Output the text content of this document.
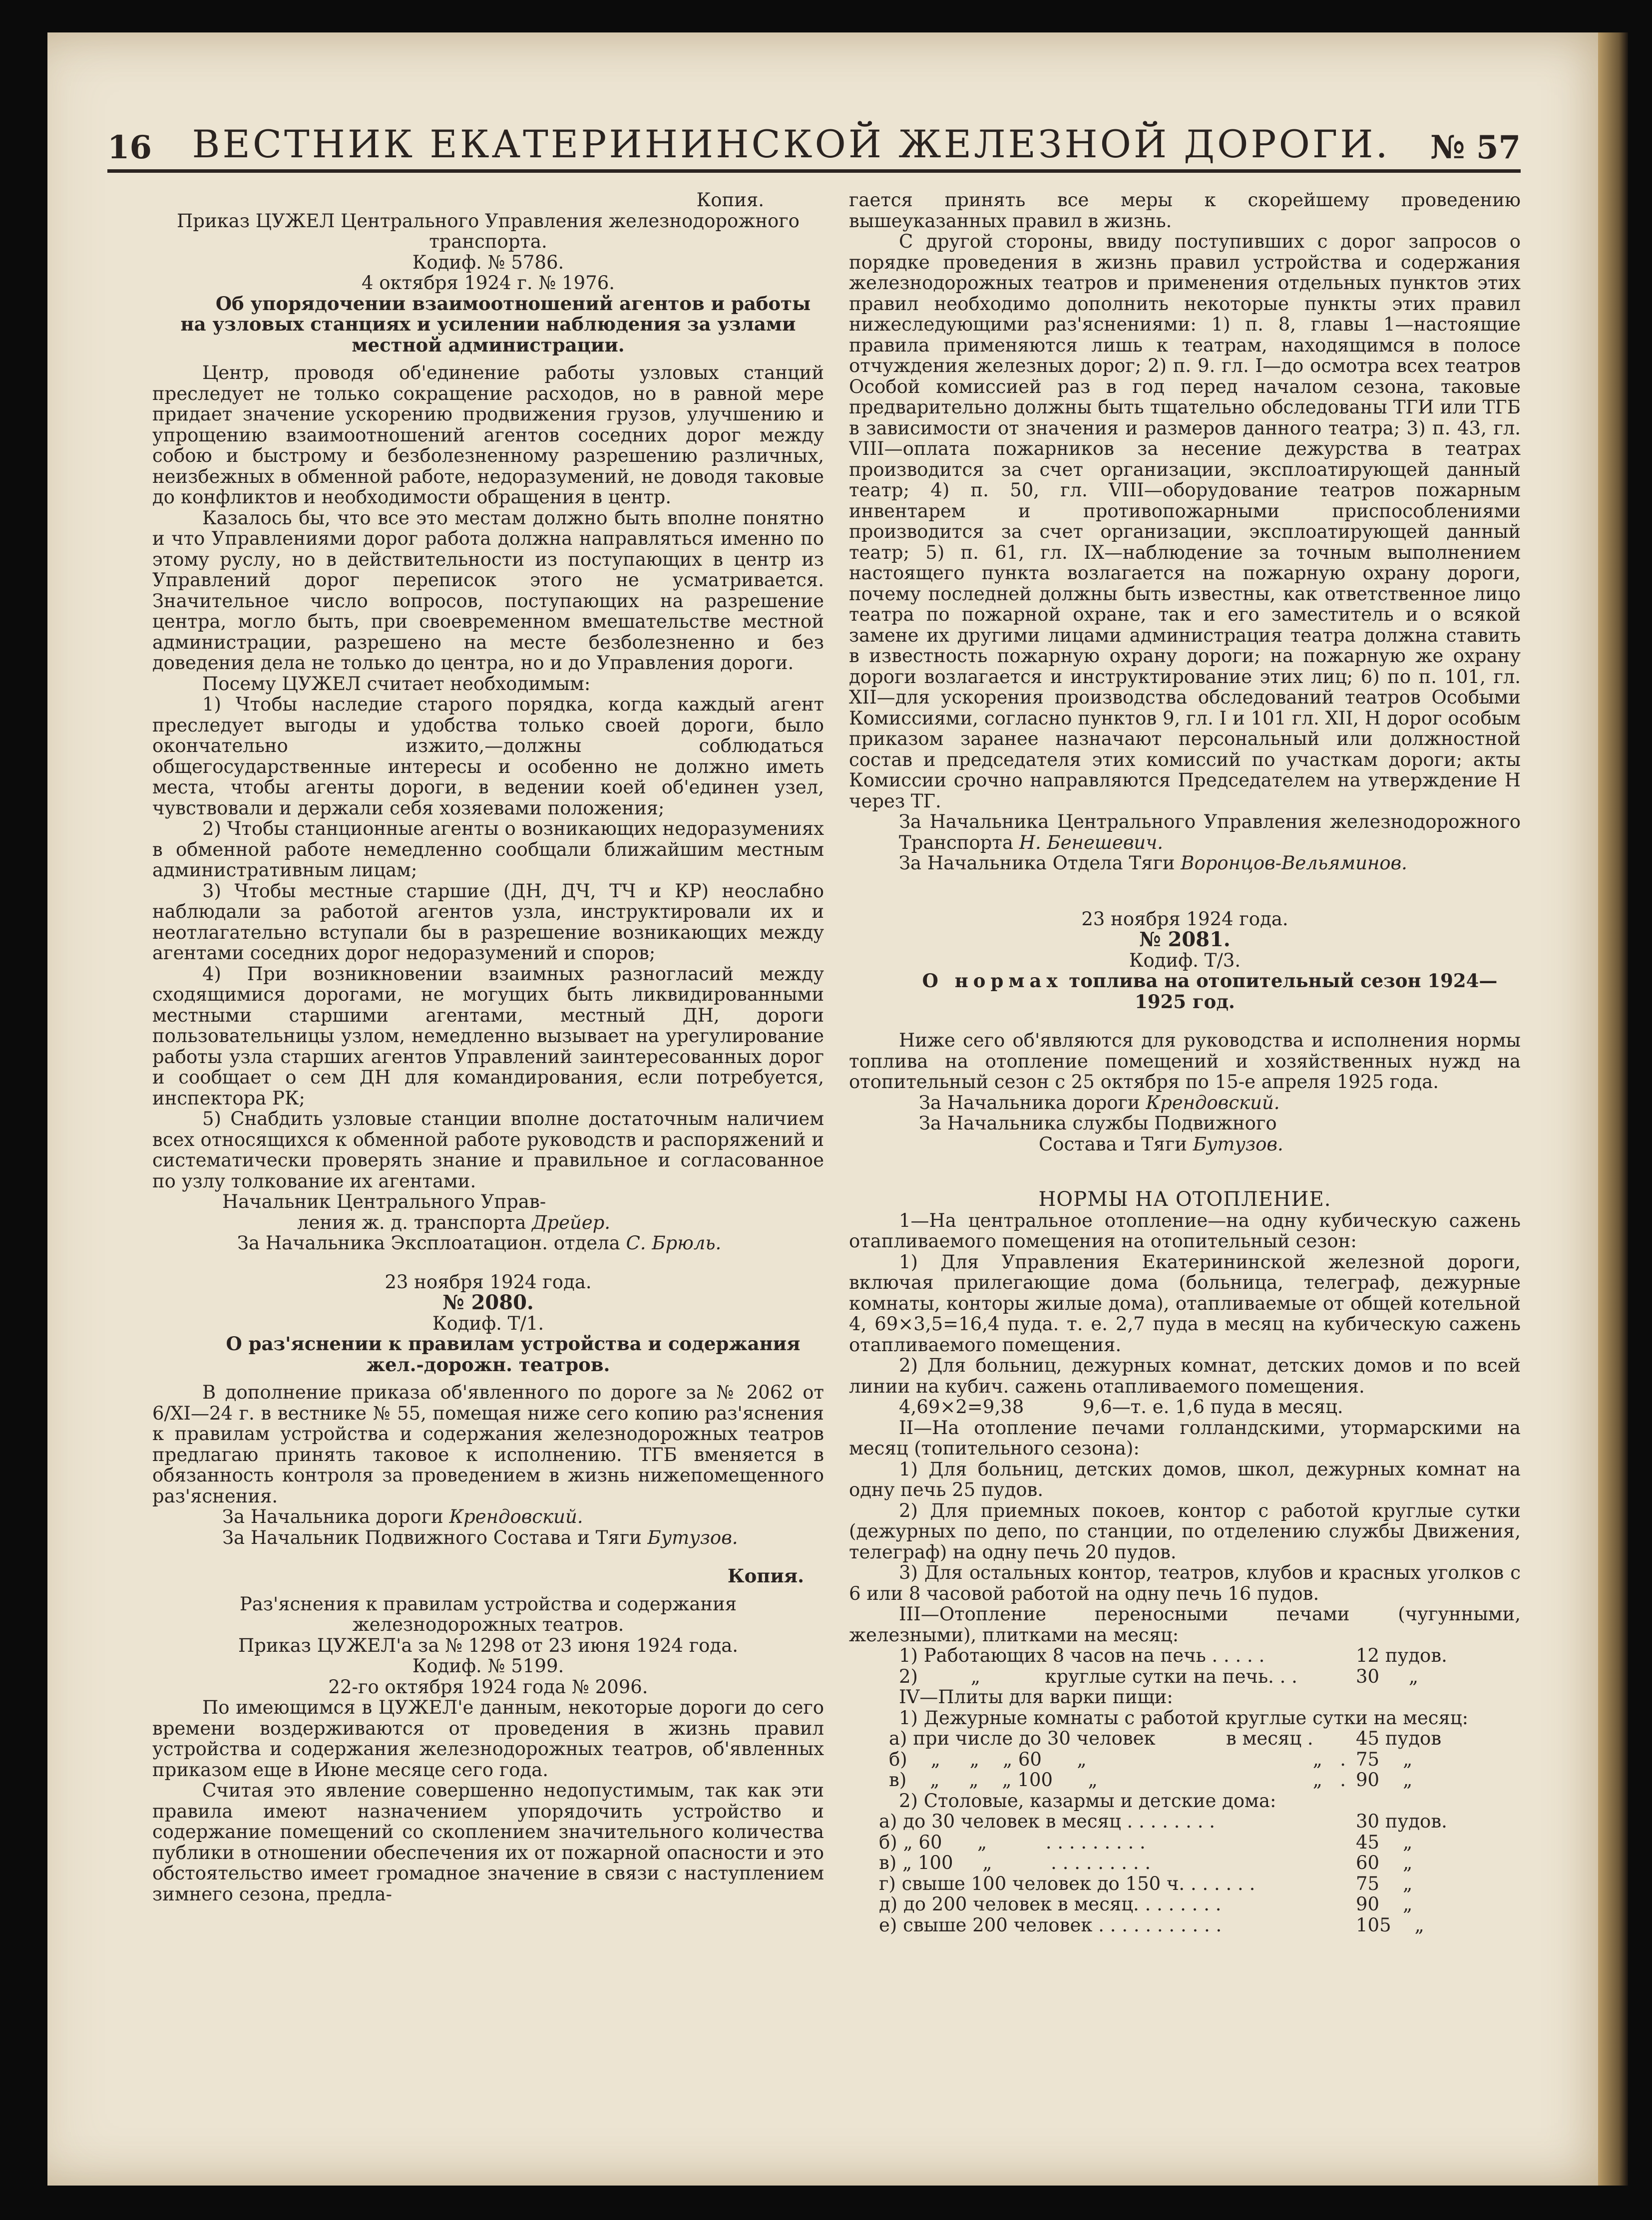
16 ВЕСТНИК ЕКАТЕРИНИНСКОЙ ЖЕЛЕЗНОЙ ДОРОГИ. № 57

Копия.

Приказ ЦУЖЕЛ Центрального Управления железнодорожного транспорта.

Кодиф. № 5786.

4 октября 1924 г. № 1976.

Об упорядочении взаимоотношений агентов и работы на узловых станциях и усилении наблюдения за узлами местной администрации.

Центр, проводя об'единение работы узловых станций преследует не только сокращение расходов, но в равной мере придает значение ускорению продвижения грузов, улучшению и упрощению взаимоотношений агентов соседних дорог между собою и быстрому и безболезненному разрешению различных, неизбежных в обменной работе, недоразумений, не доводя таковые до конфликтов и необходимости обращения в центр.

Казалось бы, что все это местам должно быть вполне понятно и что Управлениями дорог работа должна направляться именно по этому руслу, но в действительности из поступающих в центр из Управлений дорог переписок этого не усматривается. Значительное число вопросов, поступающих на разрешение центра, могло быть, при своевременном вмешательстве местной администрации, разрешено на месте безболезненно и без доведения дела не только до центра, но и до Управления дороги.

Посему ЦУЖЕЛ считает необходимым:

1) Чтобы наследие старого порядка, когда каждый агент преследует выгоды и удобства только своей дороги, было окончательно изжито,—должны соблюдаться общегосударственные интересы и особенно не должно иметь места, чтобы агенты дороги, в ведении коей об'единен узел, чувствовали и держали себя хозяевами положения;

2) Чтобы станционные агенты о возникающих недоразумениях в обменной работе немедленно сообщали ближайшим местным административным лицам;

3) Чтобы местные старшие (ДН, ДЧ, ТЧ и КР) неослабно наблюдали за работой агентов узла, инструктировали их и неотлагательно вступали бы в разрешение возникающих между агентами соседних дорог недоразумений и споров;

4) При возникновении взаимных разногласий между сходящимися дорогами, не могущих быть ликвидированными местными старшими агентами, местный ДН, дороги пользовательницы узлом, немедленно вызывает на урегулирование работы узла старших агентов Управлений заинтересованных дорог и сообщает о сем ДН для командирования, если потребуется, инспектора РК;

5) Снабдить узловые станции вполне достаточным наличием всех относящихся к обменной работе руководств и распоряжений и систематически проверять знание и правильное и согласованное по узлу толкование их агентами.

Начальник Центрального Управ-

ления ж. д. транспорта Дрейер.

За Начальника Эксплоатацион. отдела С. Брюль.

23 ноября 1924 года.

№ 2080.

Кодиф. Т/1.

О раз'яснении к правилам устройства и содержания жел.-дорожн. театров.

В дополнение приказа об'явленного по дороге за № 2062 от 6/XI—24 г. в вестнике № 55, помещая ниже сего копию раз'яснения к правилам устройства и содержания железнодорожных театров предлагаю принять таковое к исполнению. ТГБ вменяется в обязанность контроля за проведением в жизнь нижепомещенного раз'яснения.

За Начальника дороги Крендовский.

За Начальник Подвижного Состава и Тяги Бутузов.

Копия.

Раз'яснения к правилам устройства и содержания железнодорожных театров.

Приказ ЦУЖЕЛ'а за № 1298 от 23 июня 1924 года.

Кодиф. № 5199.

22-го октября 1924 года № 2096.

По имеющимся в ЦУЖЕЛ'е данным, некоторые дороги до сего времени воздерживаются от проведения в жизнь правил устройства и содержания железнодорожных театров, об'явленных приказом еще в Июне месяце сего года.

Считая это явление совершенно недопустимым, так как эти правила имеют назначением упорядочить устройство и содержание помещений со скоплением значительного количества публики в отношении обеспечения их от пожарной опасности и это обстоятельство имеет громадное значение в связи с наступлением зимнего сезона, предла-

гается принять все меры к скорейшему проведению вышеуказанных правил в жизнь.

С другой стороны, ввиду поступивших с дорог запросов о порядке проведения в жизнь правил устройства и содержания железнодорожных театров и применения отдельных пунктов этих правил необходимо дополнить некоторые пункты этих правил нижеследующими раз'яснениями: 1) п. 8, главы 1—настоящие правила применяются лишь к театрам, находящимся в полосе отчуждения железных дорог; 2) п. 9. гл. I—до осмотра всех театров Особой комиссией раз в год перед началом сезона, таковые предварительно должны быть тщательно обследованы ТГИ или ТГБ в зависимости от значения и размеров данного театра; 3) п. 43, гл. VIII—оплата пожарников за несение дежурства в театрах производится за счет организации, эксплоатирующей данный театр; 4) п. 50, гл. VIII—оборудование театров пожарным инвентарем и противопожарными приспособлениями производится за счет организации, эксплоатирующей данный театр; 5) п. 61, гл. IX—наблюдение за точным выполнением настоящего пункта возлагается на пожарную охрану дороги, почему последней должны быть известны, как ответственное лицо театра по пожарной охране, так и его заместитель и о всякой замене их другими лицами администрация театра должна ставить в известность пожарную охрану дороги; на пожарную же охрану дороги возлагается и инструктирование этих лиц; 6) по п. 101, гл. XII—для ускорения производства обследований театров Особыми Комиссиями, согласно пунктов 9, гл. I и 101 гл. XII, Н дорог особым приказом заранее назначают персональный или должностной состав и председателя этих комиссий по участкам дороги; акты Комиссии срочно направляются Председателем на утверждение Н через ТГ.

За Начальника Центрального Управления железнодорожного Транспорта Н. Бенешевич.

За Начальника Отдела Тяги Воронцов-Вельяминов.

23 ноября 1924 года.

№ 2081.

Кодиф. Т/3.

О нормах топлива на отопительный сезон 1924—1925 год.

Ниже сего об'являются для руководства и исполнения нормы топлива на отопление помещений и хозяйственных нужд на отопительный сезон с 25 октября по 15-е апреля 1925 года.

За Начальника дороги Крендовский.

За Начальника службы Подвижного

Состава и Тяги Бутузов.

НОРМЫ НА ОТОПЛЕНИЕ.

1—На центральное отопление—на одну кубическую сажень отапливаемого помещения на отопительный сезон:

1) Для Управления Екатерининской железной дороги, включая прилегающие дома (больница, телеграф, дежурные комнаты, конторы жилые дома), отапливаемые от общей котельной 4, 69×3,5=16,4 пуда. т. е. 2,7 пуда в месяц на кубическую сажень отапливаемого помещения.

2) Для больниц, дежурных комнат, детских домов и по всей линии на кубич. сажень отапливаемого помещения.

4,69×2=9,38          9,6—т. е. 1,6 пуда в месяц.

II—На отопление печами голландскими, утормарскими на месяц (топительного сезона):

1) Для больниц, детских домов, школ, дежурных комнат на одну печь 25 пудов.

2) Для приемных покоев, контор с работой круглые сутки (дежурных по депо, по станции, по отделению службы Движения, телеграф) на одну печь 20 пудов.

3) Для остальных контор, театров, клубов и красных уголков с 6 или 8 часовой работой на одну печь 16 пудов.

III—Отопление переносными печами (чугунными, железными), плитками на месяц:

1) Работающих 8 часов на печь . . . . .	12 пудов.
2)         „           круглые сутки на печь. . .	30     „

IV—Плиты для варки пищи:

1) Дежурные комнаты с работой круглые сутки на месяц:

а) при числе до 30 человек	в месяц .	45 пудов
б)    „     „    „ 60      „	„   . 75    „
в)    „     „    „ 100      „	„   . 90    „

2) Столовые, казармы и детские дома:

а) до 30 человек в месяц . . . . . . . .	30 пудов.
б) „ 60      „          . . . . . . . . .	45    „
в) „ 100     „          . . . . . . . . .	60    „
г) свыше 100 человек до 150 ч. . . . . . .	75    „
д) до 200 человек в месяц. . . . . . . .	90    „
е) свыше 200 человек . . . . . . . . . . .	105    „
